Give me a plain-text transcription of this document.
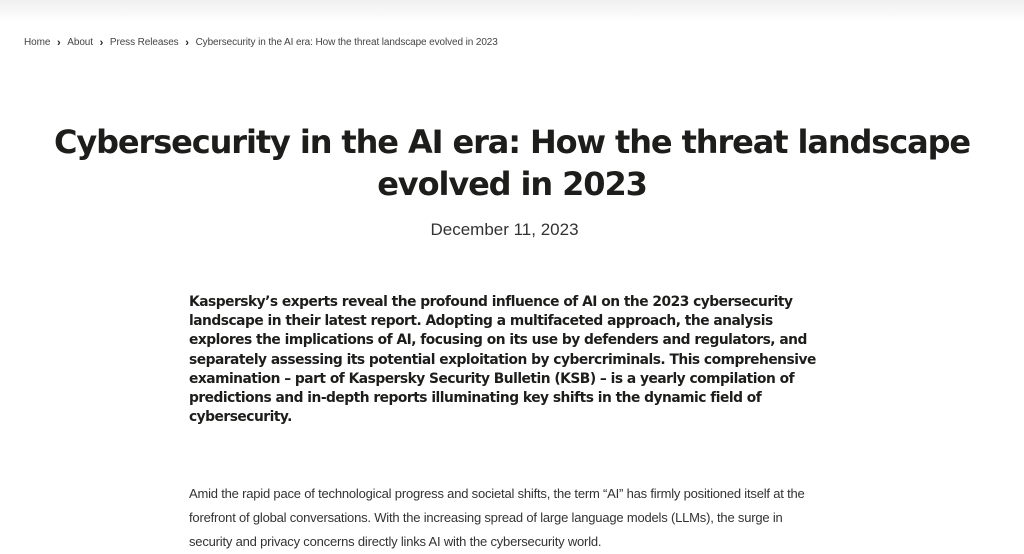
Home › About › Press Releases › Cybersecurity in the AI era: How the threat landscape evolved in 2023
Cybersecurity in the AI era: How the threat landscape evolved in 2023
December 11, 2023

Kaspersky’s experts reveal the profound influence of AI on the 2023 cybersecurity landscape in their latest report. Adopting a multifaceted approach, the analysis explores the implications of AI, focusing on its use by defenders and regulators, and separately assessing its potential exploitation by cybercriminals. This comprehensive examination – part of Kaspersky Security Bulletin (KSB) – is a yearly compilation of predictions and in-depth reports illuminating key shifts in the dynamic field of cybersecurity.

Amid the rapid pace of technological progress and societal shifts, the term “AI” has firmly positioned itself at the forefront of global conversations. With the increasing spread of large language models (LLMs), the surge in security and privacy concerns directly links AI with the cybersecurity world.
